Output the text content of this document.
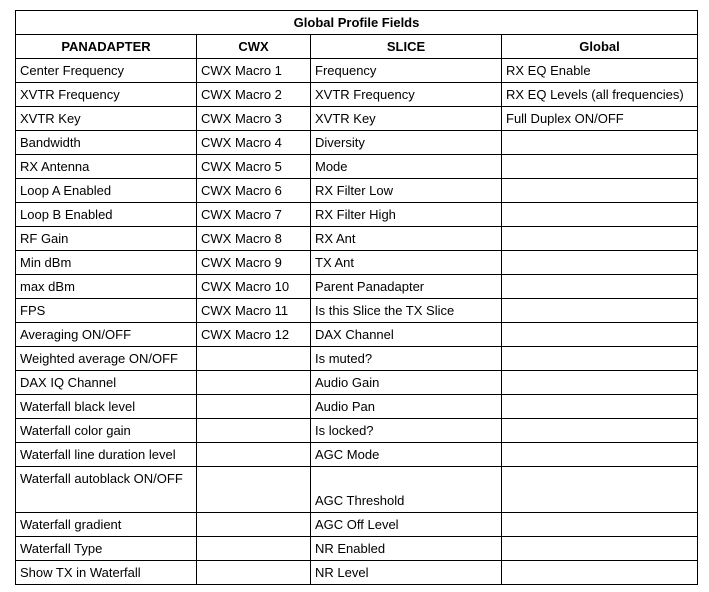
Global Profile Fields			
PANADAPTER	CWX	SLICE	Global
Center Frequency	CWX Macro 1	Frequency	RX EQ Enable
XVTR Frequency	CWX Macro 2	XVTR Frequency	RX EQ Levels (all frequencies)
XVTR Key	CWX Macro 3	XVTR Key	Full Duplex ON/OFF
Bandwidth	CWX Macro 4	Diversity	
RX Antenna	CWX Macro 5	Mode	
Loop A Enabled	CWX Macro 6	RX Filter Low	
Loop B Enabled	CWX Macro 7	RX Filter High	
RF Gain	CWX Macro 8	RX Ant	
Min dBm	CWX Macro 9	TX Ant	
max dBm	CWX Macro 10	Parent Panadapter	
FPS	CWX Macro 11	Is this Slice the TX Slice	
Averaging ON/OFF	CWX Macro 12	DAX Channel	
Weighted average ON/OFF		Is muted?	
DAX IQ Channel		Audio Gain	
Waterfall black level		Audio Pan	
Waterfall color gain		Is locked?	
Waterfall line duration level		AGC Mode	
Waterfall autoblack ON/OFF		AGC Threshold	
Waterfall gradient		AGC Off Level	
Waterfall Type		NR Enabled	
Show TX in Waterfall		NR Level	
